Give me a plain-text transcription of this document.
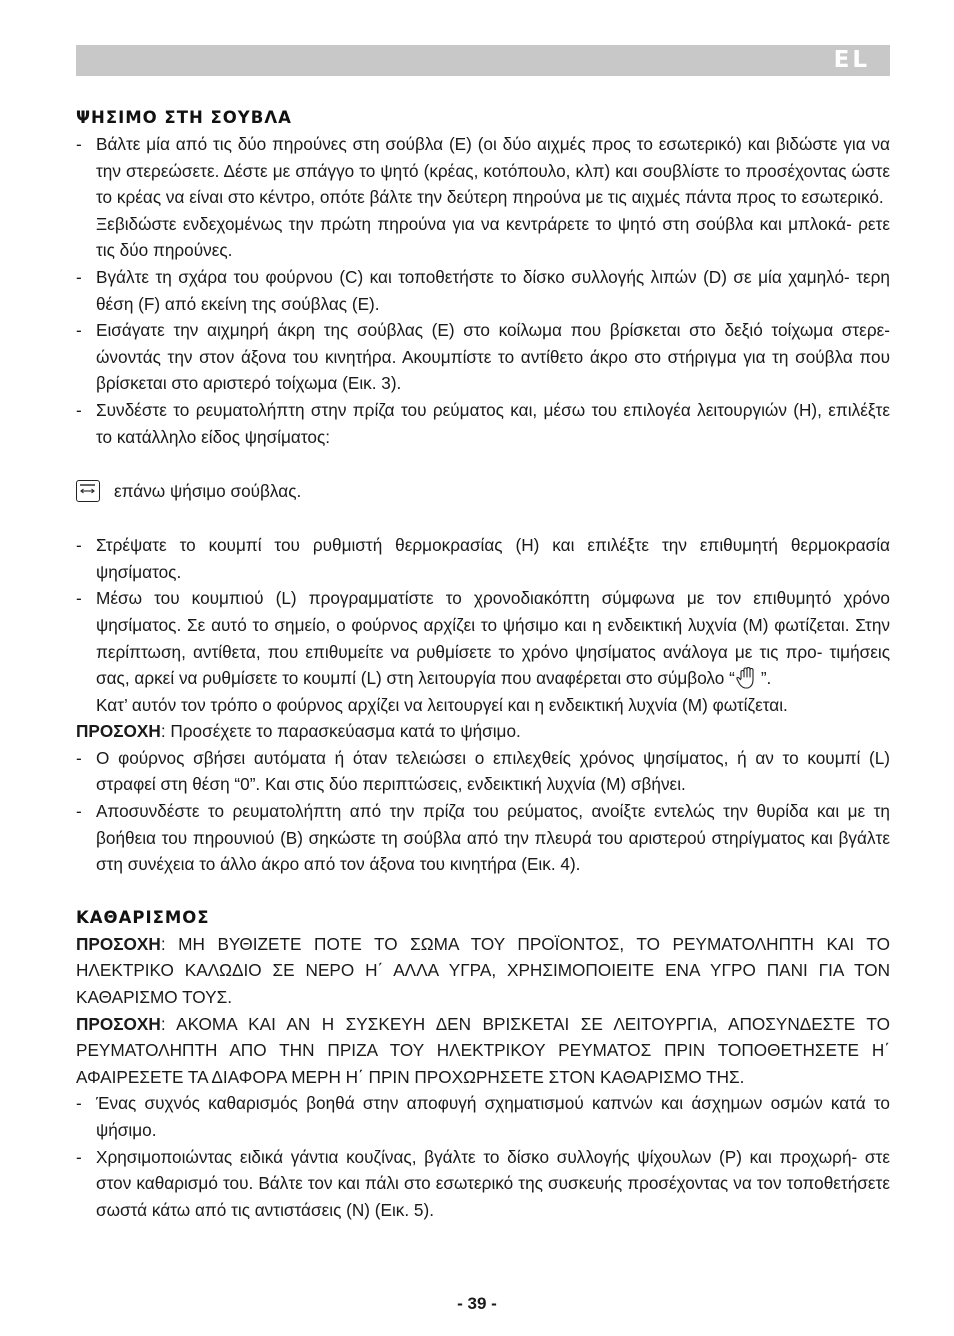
EL
ΨΗΣΙΜΟ ΣΤΗ ΣΟΥΒΛΑ

- Βάλτε μία από τις δύο πηρούνες στη σούβλα (E) (οι δύο αιχμές προς το εσωτερικό) και βιδώστε για να την στερεώσετε. Δέστε με σπάγγο το ψητό (κρέας, κοτόπουλο, κλπ) και σουβλίστε το προσέχοντας ώστε το κρέας να είναι στο κέντρο, οπότε βάλτε την δεύτερη πηρούνα με τις αιχμές πάντα προς το εσωτερικό.

Ξεβιδώστε ενδεχομένως την πρώτη πηρούνα για να κεντράρετε το ψητό στη σούβλα και μπλοκά- ρετε τις δύο πηρούνες.

- Βγάλτε τη σχάρα του φούρνου (C) και τοποθετήστε το δίσκο συλλογής λιπών (D) σε μία χαμηλό- τερη θέση (F) από εκείνη της σούβλας (E).

- Εισάγατε την αιχμηρή άκρη της σούβλας (E) στο κοίλωμα που βρίσκεται στο δεξιό τοίχωμα στερε- ώνοντάς την στον άξονα του κινητήρα. Ακουμπίστε το αντίθετο άκρο στο στήριγμα για τη σούβλα που βρίσκεται στο αριστερό τοίχωμα (Εικ. 3).

- Συνδέστε το ρευματολήπτη στην πρίζα του ρεύματος και, μέσω του επιλογέα λειτουργιών (H), επιλέξτε το κατάλληλο είδος ψησίματος:

επάνω ψήσιμο σούβλας.

- Στρέψατε το κουμπί του ρυθμιστή θερμοκρασίας (H) και επιλέξτε την επιθυμητή θερμοκρασία ψησίματος.

- Μέσω του κουμπιού (L) προγραμματίστε το χρονοδιακόπτη σύμφωνα με τον επιθυμητό χρόνο ψησίματος. Σε αυτό το σημείο, ο φούρνος αρχίζει το ψήσιμο και η ενδεικτική λυχνία (M) φωτίζεται. Στην περίπτωση, αντίθετα, που επιθυμείτε να ρυθμίσετε το χρόνο ψησίματος ανάλογα με τις προ- τιμήσεις σας, αρκεί να ρυθμίσετε το κουμπί (L) στη λειτουργία που αναφέρεται στο σύμβολο “ ”.
Κατ’ αυτόν τον τρόπο ο φούρνος αρχίζει να λειτουργεί και η ενδεικτική λυχνία (M) φωτίζεται.

ΠΡΟΣΟΧΗ: Προσέχετε το παρασκεύασμα κατά το ψήσιμο.

- Ο φούρνος σβήσει αυτόματα ή όταν τελειώσει ο επιλεχθείς χρόνος ψησίματος, ή αν το κουμπί (L) στραφεί στη θέση “0”. Και στις δύο περιπτώσεις, ενδεικτική λυχνία (M) σβήνει.

- Αποσυνδέστε το ρευματολήπτη από την πρίζα του ρεύματος, ανοίξτε εντελώς την θυρίδα και με τη βοήθεια του πηρουνιού (B) σηκώστε τη σούβλα από την πλευρά του αριστερού στηρίγματος και βγάλτε στη συνέχεια το άλλο άκρο από τον άξονα του κινητήρα (Εικ. 4).

ΚΑΘΑΡΙΣΜΟΣ

ΠΡΟΣΟΧΗ: ΜΗ ΒΥΘΙΖΕΤΕ ΠΟΤΕ ΤΟ ΣΩΜΑ ΤΟΥ ΠΡΟΪΟΝΤΟΣ, ΤΟ ΡΕΥΜΑΤΟΛΗΠΤΗ ΚΑΙ ΤΟ ΗΛΕΚΤΡΙΚΟ ΚΑΛΩΔΙΟ ΣΕ ΝΕΡΟ Η΄ ΑΛΛΑ ΥΓΡΑ, ΧΡΗΣΙΜΟΠΟΙΕΙΤΕ ΕΝΑ ΥΓΡΟ ΠΑΝΙ ΓΙΑ ΤΟΝ ΚΑΘΑΡΙΣΜΟ ΤΟΥΣ.

ΠΡΟΣΟΧΗ: ΑΚΟΜΑ ΚΑΙ ΑΝ Η ΣΥΣΚΕΥΗ ΔΕΝ ΒΡΙΣΚΕΤΑΙ ΣΕ ΛΕΙΤΟΥΡΓΙΑ, ΑΠΟΣΥΝΔΕΣΤΕ ΤΟ ΡΕΥΜΑΤΟΛΗΠΤΗ ΑΠΟ ΤΗΝ ΠΡΙΖΑ ΤΟΥ ΗΛΕΚΤΡΙΚΟΥ ΡΕΥΜΑΤΟΣ ΠΡΙΝ ΤΟΠΟΘΕΤΗΣΕΤΕ Η΄ ΑΦΑΙΡΕΣΕΤΕ ΤΑ ΔΙΑΦΟΡΑ ΜΕΡΗ Η΄ ΠΡΙΝ ΠΡΟΧΩΡΗΣΕΤΕ ΣΤΟΝ ΚΑΘΑΡΙΣΜΟ ΤΗΣ.

- Ένας συχνός καθαρισμός βοηθά στην αποφυγή σχηματισμού καπνών και άσχημων οσμών κατά το ψήσιμο.

- Χρησιμοποιώντας ειδικά γάντια κουζίνας, βγάλτε το δίσκο συλλογής ψίχουλων (P) και προχωρή- στε στον καθαρισμό του. Βάλτε τον και πάλι στο εσωτερικό της συσκευής προσέχοντας να τον τοποθετήσετε σωστά κάτω από τις αντιστάσεις (N) (Εικ. 5).

- 39 -
